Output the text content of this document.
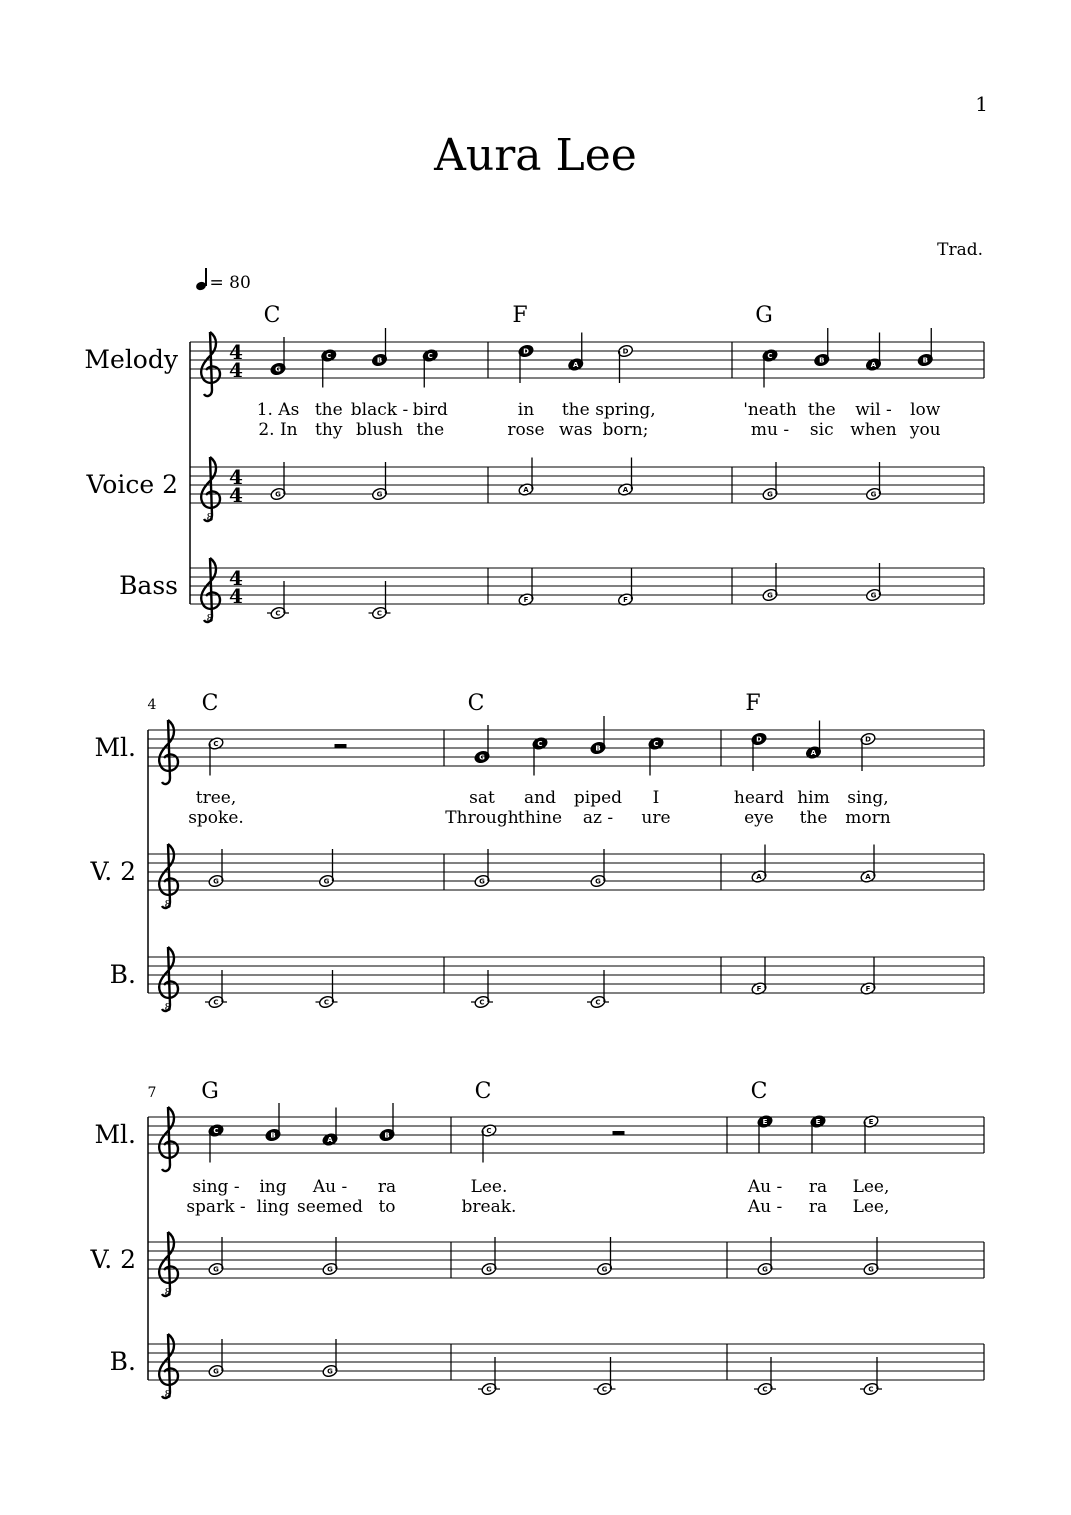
1
Aura Lee
Trad.
= 80
Melody	4
4
Voice 2
8
4
4
Bass
8
4
4
C
G
C
B
C
1. As the black - bird
2. In thy blush the
G	G
C	C
F
D
A
D
in the spring,
rose was born;
A	A
F	F
G
C
B
A
B
'neath the wil - low
mu - sic when you
G	G
G	G
4
Ml.
V. 2
8
B.
8
C
C
tree,
spoke.
G	G
C	C
C
G
C
B
C
sat and piped I
Through thine az - ure
G	G
C	C
F
D
A
D
heard him sing,
eye the morn
A	A
F	F
7
Ml.
V. 2
8
B.
8
G
C
B
A
B
sing - ing Au - ra
spark - ling seemed to
G	G
G	G
C
C
Lee.
break.
G	G
C	C
C
E	E	E
Au - ra Lee,
Au - ra Lee,
G	G
C	C
